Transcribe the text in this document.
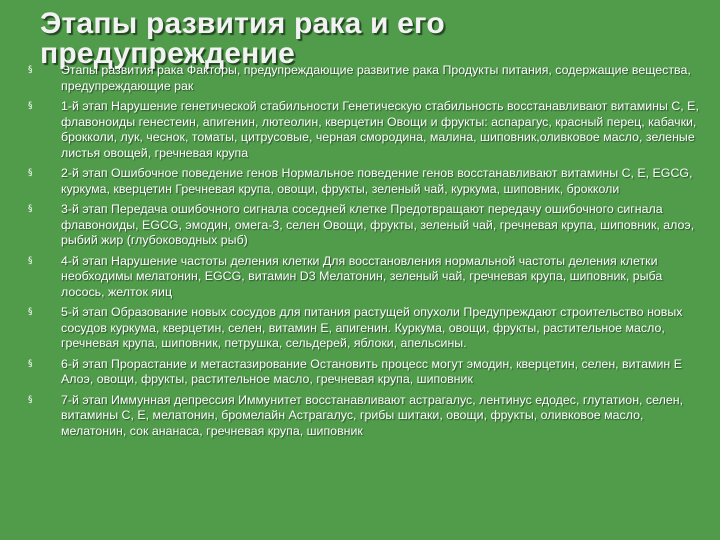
Этапы развития рака и его предупреждение
§	Этапы развития рака Факторы, предупреждающие развитие рака Продукты питания, содержащие вещества, предупреждающие рак
§	1-й этап Нарушение генетической стабильности Генетическую стабильность восстанавливают витамины С, Е, флавоноиды генестеин, апигенин, лютеолин, кверцетин Овощи и фрукты: аспарагус, красный перец, кабачки, брокколи, лук, чеснок, томаты, цитрусовые, черная смородина, малина, шиповник,оливковое масло, зеленые листья овощей, гречневая крупа
§	2-й этап Ошибочное поведение генов Нормальное поведение генов восстанавливают витамины С, Е, EGCG, куркума, кверцетин Гречневая крупа, овощи, фрукты, зеленый чай, куркума, шиповник, брокколи
§	3-й этап Передача ошибочного сигнала соседней клетке Предотвращают передачу ошибочного сигнала флавоноиды, EGCG, эмодин, омега-3, селен Овощи, фрукты, зеленый чай, гречневая крупа, шиповник, алоэ, рыбий жир (глубоководных рыб)
§	4-й этап Нарушение частоты деления клетки Для восстановления нормальной частоты деления клетки необходимы мелатонин, EGCG, витамин D3 Мелатонин, зеленый чай, гречневая крупа, шиповник, рыба лосось, желток яиц
§	5-й этап Образование новых сосудов для питания растущей опухоли Предупреждают строительство новых сосудов куркума, кверцетин, селен, витамин Е, апигенин. Куркума, овощи, фрукты, растительное масло, гречневая крупа, шиповник, петрушка, сельдерей, яблоки, апельсины.
§	6-й этап Прорастание и метастазирование Остановить процесс могут эмодин, кверцетин, селен, витамин Е Алоэ, овощи, фрукты, растительное масло, гречневая крупа, шиповник
§	7-й этап Иммунная депрессия Иммунитет восстанавливают астрагалус, лентинус едодес, глутатион, селен, витамины С, Е, мелатонин, бромелайн Астрагалус, грибы шитаки, овощи, фрукты, оливковое масло, мелатонин, сок ананаса, гречневая крупа, шиповник
